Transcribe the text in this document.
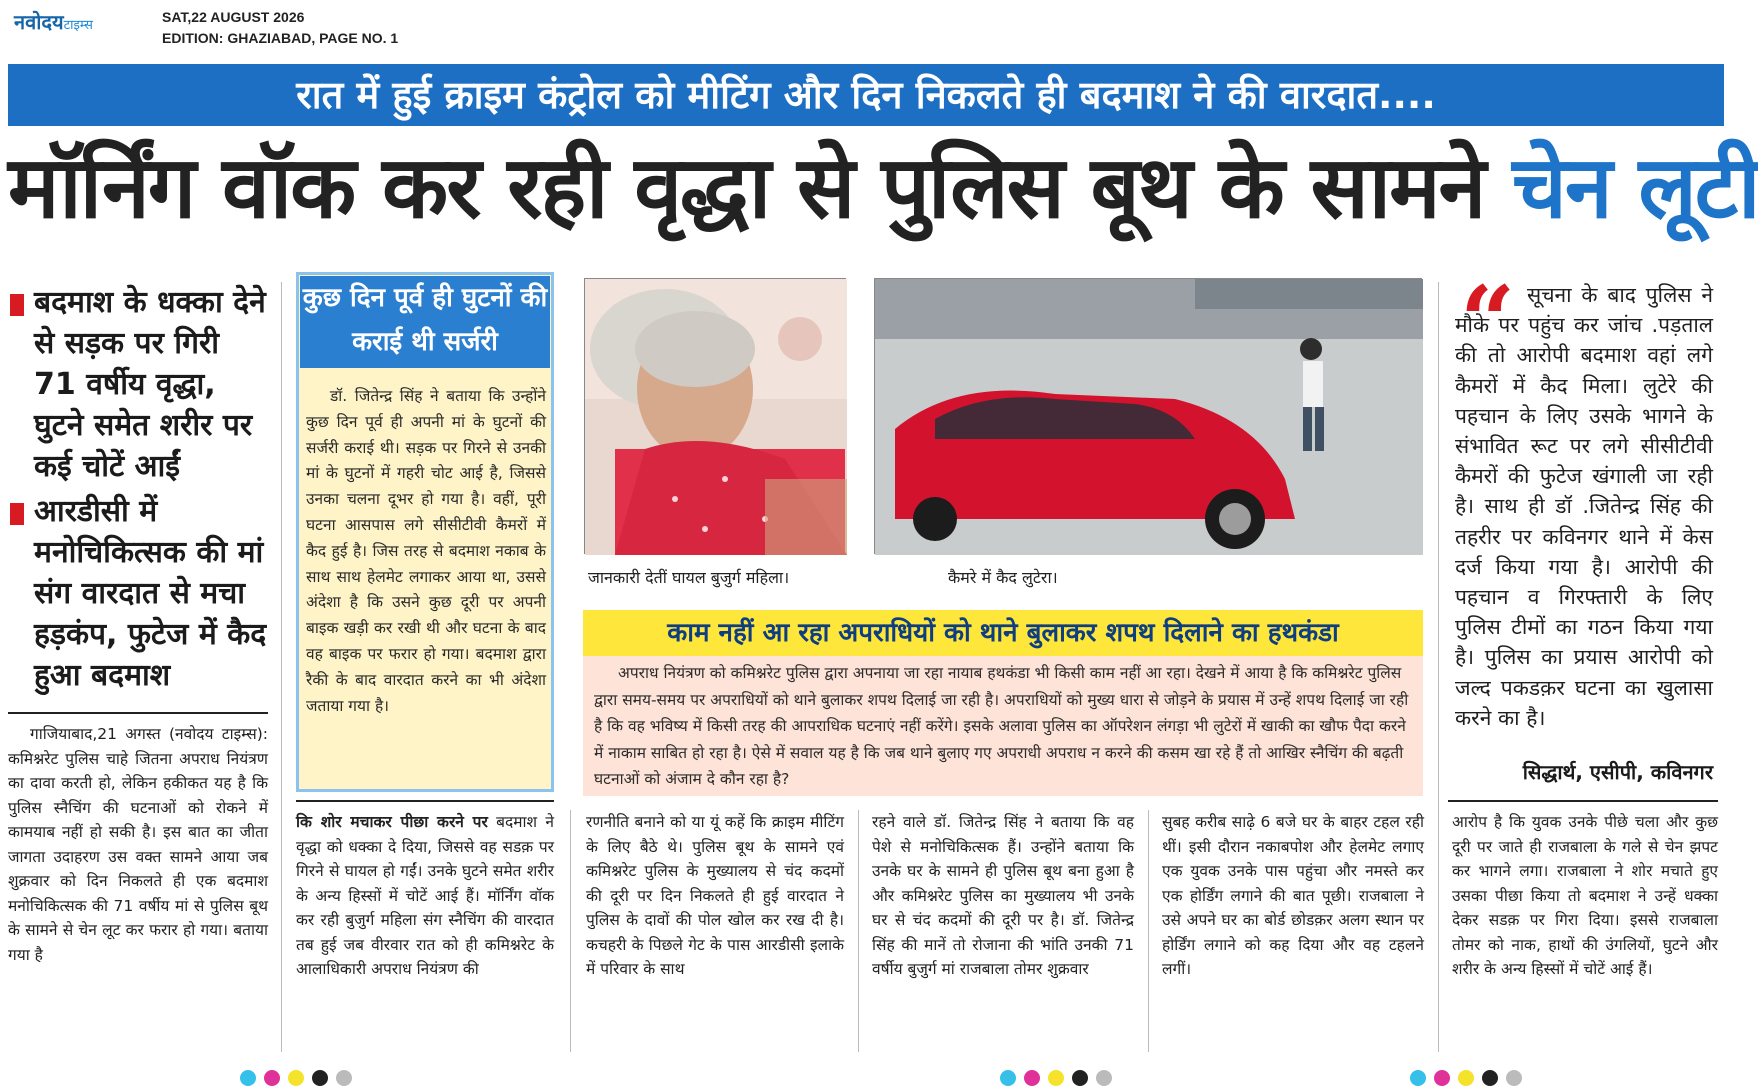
नवोदयटाइम्स
SAT,22 AUGUST 2026
EDITION: GHAZIABAD, PAGE NO. 1
रात में हुई क्राइम कंट्रोल को मीटिंग और दिन निकलते ही बदमाश ने की वारदात....
मॉर्निंग वॉक कर रही वृद्धा से पुलिस बूथ के सामने चेन लूटी
बदमाश के धक्का देने से सड़क पर गिरी 71 वर्षीय वृद्धा, घुटने समेत शरीर पर कई चोटें आईं
आरडीसी में मनोचिकित्सक की मां संग वारदात से मचा हड़कंप, फुटेज में कैद हुआ बदमाश
गाजियाबाद,21 अगस्त (नवोदय टाइम्स): कमिश्नरेट पुलिस चाहे जितना अपराध नियंत्रण का दावा करती हो, लेकिन हकीकत यह है कि पुलिस स्नैचिंग की घटनाओं को रोकने में कामयाब नहीं हो सकी है। इस बात का जीता जागता उदाहरण उस वक्त सामने आया जब शुक्रवार को दिन निकलते ही एक बदमाश मनोचिकित्सक की 71 वर्षीय मां से पुलिस बूथ के सामने से चेन लूट कर फरार हो गया। बताया गया है
कुछ दिन पूर्व ही घुटनों की कराई थी सर्जरी
डॉ. जितेन्द्र सिंह ने बताया कि उन्होंने कुछ दिन पूर्व ही अपनी मां के घुटनों की सर्जरी कराई थी। सड़क पर गिरने से उनकी मां के घुटनों में गहरी चोट आई है, जिससे उनका चलना दूभर हो गया है। वहीं, पूरी घटना आसपास लगे सीसीटीवी कैमरों में कैद हुई है। जिस तरह से बदमाश नकाब के साथ साथ हेलमेट लगाकर आया था, उससे अंदेशा है कि उसने कुछ दूरी पर अपनी बाइक खड़ी कर रखी थी और घटना के बाद वह बाइक पर फरार हो गया। बदमाश द्वारा रैकी के बाद वारदात करने का भी अंदेशा जताया गया है।
जानकारी देतीं घायल बुजुर्ग महिला।	कैमरे में कैद लुटेरा।
काम नहीं आ रहा अपराधियों को थाने बुलाकर शपथ दिलाने का हथकंडा
अपराध नियंत्रण को कमिश्नरेट पुलिस द्वारा अपनाया जा रहा नायाब हथकंडा भी किसी काम नहीं आ रहा। देखने में आया है कि कमिश्नरेट पुलिस द्वारा समय-समय पर अपराधियों को थाने बुलाकर शपथ दिलाई जा रही है। अपराधियों को मुख्य धारा से जोड़ने के प्रयास में उन्हें शपथ दिलाई जा रही है कि वह भविष्य में किसी तरह की आपराधिक घटनाएं नहीं करेंगे। इसके अलावा पुलिस का ऑपरेशन लंगड़ा भी लुटेरों में खाकी का खौफ पैदा करने में नाकाम साबित हो रहा है। ऐसे में सवाल यह है कि जब थाने बुलाए गए अपराधी अपराध न करने की कसम खा रहे हैं तो आखिर स्नैचिंग की बढ़ती घटनाओं को अंजाम दे कौन रहा है?
“ सूचना के बाद पुलिस ने मौके पर पहुंच कर जांच .पड़ताल की तो आरोपी बदमाश वहां लगे कैमरों में कैद मिला। लुटेरे की पहचान के लिए उसके भागने के संभावित रूट पर लगे सीसीटीवी कैमरों की फुटेज खंगाली जा रही है। साथ ही डॉ .जितेन्द्र सिंह की तहरीर पर कविनगर थाने में केस दर्ज किया गया है। आरोपी की पहचान व गिरफ्तारी के लिए पुलिस टीमों का गठन किया गया है। पुलिस का प्रयास आरोपी को जल्द पकडक़र घटना का खुलासा करने का है।
सिद्धार्थ, एसीपी, कविनगर
कि शोर मचाकर पीछा करने पर बदमाश ने वृद्धा को धक्का दे दिया, जिससे वह सडक़ पर गिरने से घायल हो गईं। उनके घुटने समेत शरीर के अन्य हिस्सों में चोटें आई हैं। मॉर्निंग वॉक कर रही बुजुर्ग महिला संग स्नैचिंग की वारदात तब हुई जब वीरवार रात को ही कमिश्नरेट के आलाधिकारी अपराध नियंत्रण की
रणनीति बनाने को या यूं कहें कि क्राइम मीटिंग के लिए बैठे थे। पुलिस बूथ के सामने एवं कमिश्नरेट पुलिस के मुख्यालय से चंद कदमों की दूरी पर दिन निकलते ही हुई वारदात ने पुलिस के दावों की पोल खोल कर रख दी है। कचहरी के पिछले गेट के पास आरडीसी इलाके में परिवार के साथ
रहने वाले डॉ. जितेन्द्र सिंह ने बताया कि वह पेशे से मनोचिकित्सक हैं। उन्होंने बताया कि उनके घर के सामने ही पुलिस बूथ बना हुआ है और कमिश्नरेट पुलिस का मुख्यालय भी उनके घर से चंद कदमों की दूरी पर है। डॉ. जितेन्द्र सिंह की मानें तो रोजाना की भांति उनकी 71 वर्षीय बुजुर्ग मां राजबाला तोमर शुक्रवार
सुबह करीब साढ़े 6 बजे घर के बाहर टहल रही थीं। इसी दौरान नकाबपोश और हेलमेट लगाए एक युवक उनके पास पहुंचा और नमस्ते कर एक होर्डिंग लगाने की बात पूछी। राजबाला ने उसे अपने घर का बोर्ड छोडक़र अलग स्थान पर होर्डिंग लगाने को कह दिया और वह टहलने लगीं।
आरोप है कि युवक उनके पीछे चला और कुछ दूरी पर जाते ही राजबाला के गले से चेन झपट कर भागने लगा। राजबाला ने शोर मचाते हुए उसका पीछा किया तो बदमाश ने उन्हें धक्का देकर सडक़ पर गिरा दिया। इससे राजबाला तोमर को नाक, हाथों की उंगलियों, घुटने और शरीर के अन्य हिस्सों में चोटें आई हैं।
